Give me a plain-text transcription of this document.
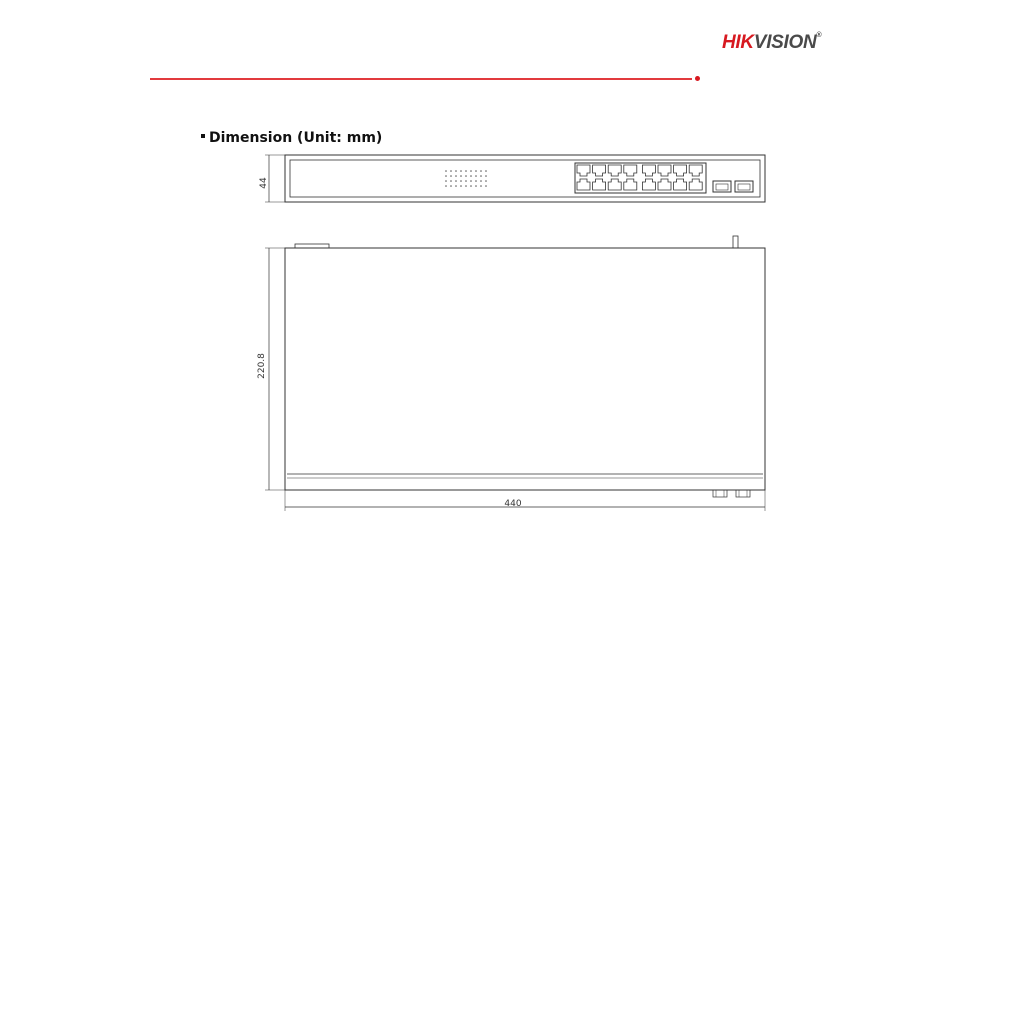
HIKVISION®
Dimension (Unit: mm)
44
220.8
440
